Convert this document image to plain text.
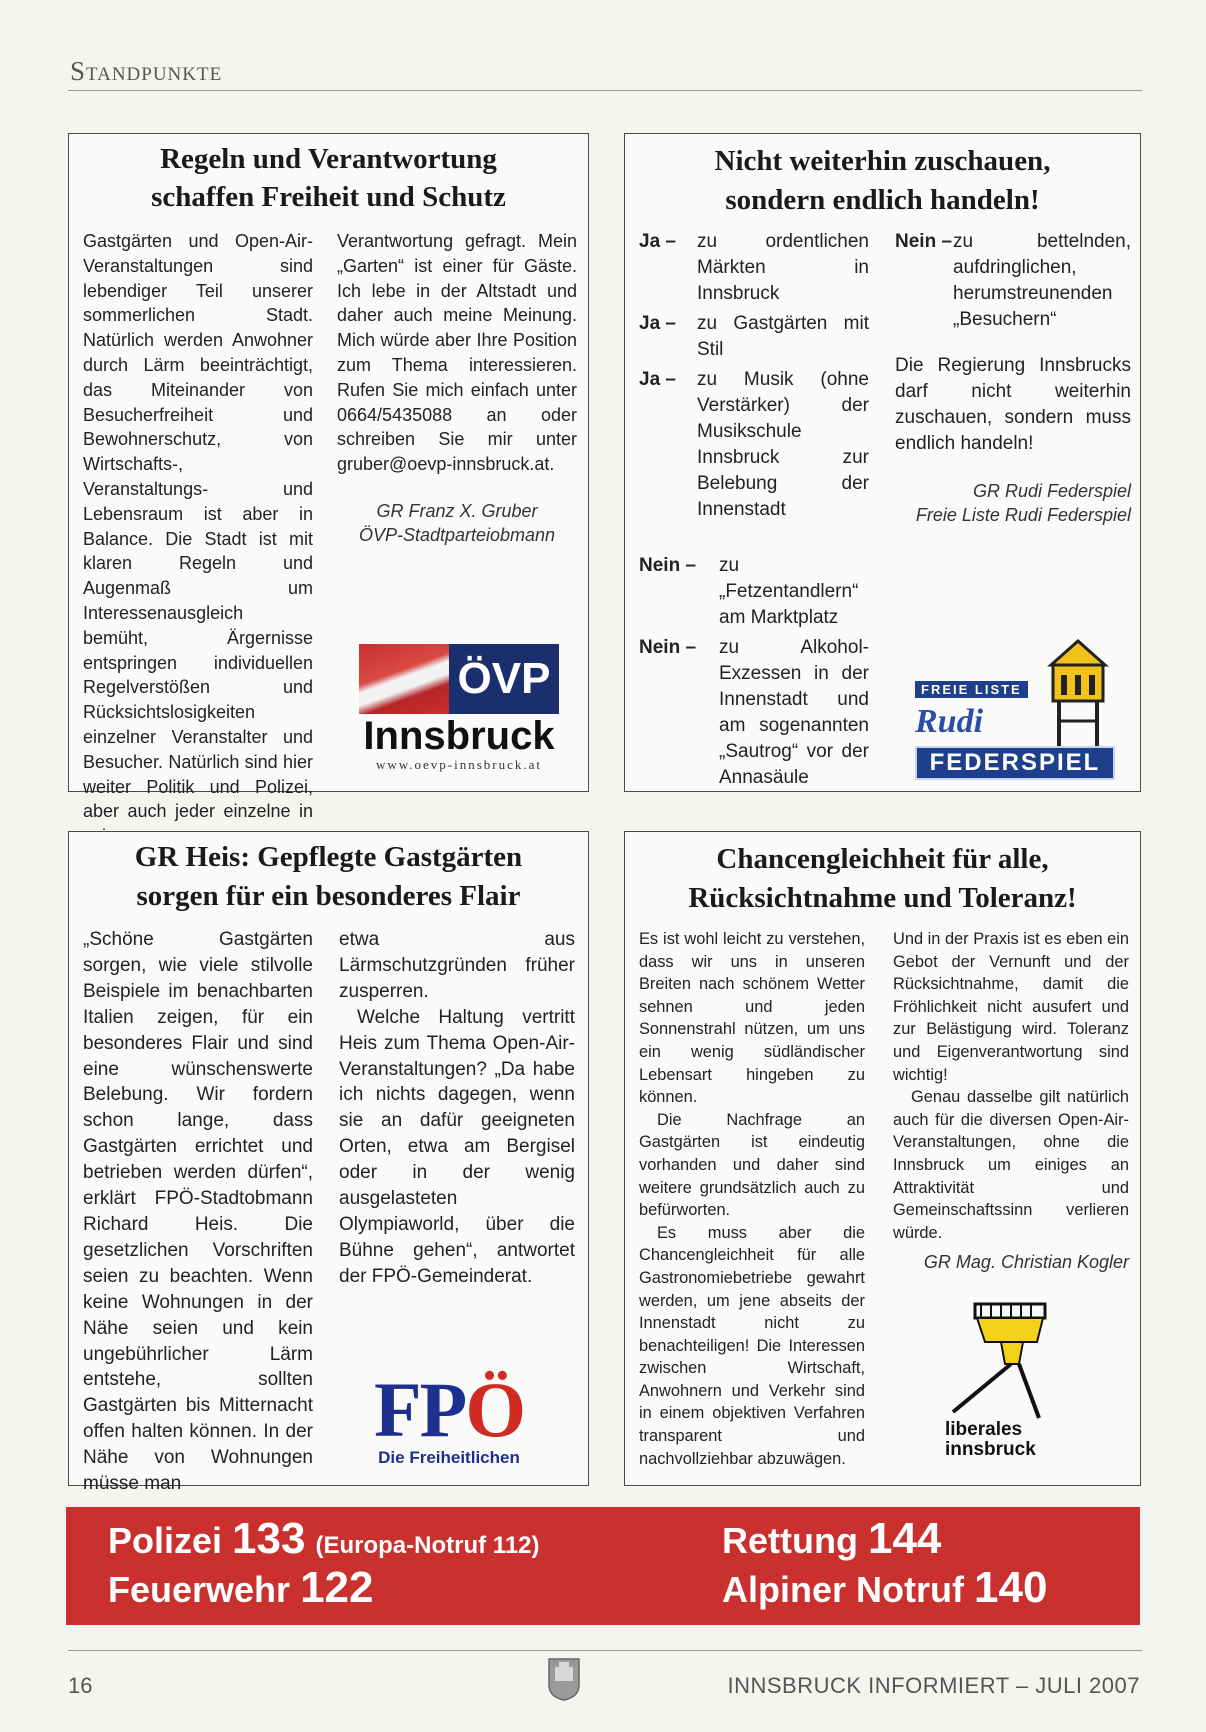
Standpunkte
Regeln und Verantwortung
schaffen Freiheit und Schutz

Gastgärten und Open-Air-Veranstaltungen sind lebendiger Teil unserer sommerlichen Stadt. Natürlich werden Anwohner durch Lärm beeinträchtigt, das Miteinander von Besucherfreiheit und Bewohnerschutz, von Wirtschafts-, Veranstaltungs- und Lebensraum ist aber in Balance. Die Stadt ist mit klaren Regeln und Augenmaß um Interessenausgleich bemüht, Ärgernisse entspringen individuellen Regelverstößen und Rücksichtslosigkeiten einzelner Veranstalter und Besucher. Natürlich sind hier weiter Politik und Polizei, aber auch jeder einzelne in

Verantwortung gefragt. Mein „Garten“ ist einer für Gäste. Ich lebe in der Altstadt und daher auch meine Meinung. Mich würde aber Ihre Position zum Thema interessieren. Rufen Sie mich einfach unter 0664/5435088 an oder schreiben Sie mir unter gruber@oevp-innsbruck.at.

GR Franz X. Gruber
ÖVP-Stadtparteiobmann
ÖVP
Innsbruck
www.oevp-innsbruck.at
Nicht weiterhin zuschauen,
sondern endlich handeln!
Ja –	zu ordentlichen Märkten in Innsbruck
Ja –	zu Gastgärten mit Stil
Ja –	zu Musik (ohne Verstärker) der Musikschule Innsbruck zur Belebung der Innenstadt
Nein –	zu „Fetzentandlern“ am Marktplatz
Nein –	zu Alkohol-Exzessen in der Innenstadt und am sogenannten „Sautrog“ vor der Annasäule
Nein – zu bettelnden, aufdringlichen, herumstreunenden „Besuchern“

Die Regierung Innsbrucks darf nicht weiterhin zuschauen, sondern muss endlich handeln!

GR Rudi Federspiel
Freie Liste Rudi Federspiel
FREIE LISTE
Rudi
FEDERSPIEL
GR Heis: Gepflegte Gastgärten
sorgen für ein besonderes Flair

„Schöne Gastgärten sorgen, wie viele stilvolle Beispiele im benachbarten Italien zeigen, für ein besonderes Flair und sind eine wünschenswerte Belebung. Wir fordern schon lange, dass Gastgärten errichtet und betrieben werden dürfen“, erklärt FPÖ-Stadtobmann Richard Heis. Die gesetzlichen Vorschriften seien zu beachten. Wenn keine Wohnungen in der Nähe seien und kein ungebührlicher Lärm entstehe, sollten Gastgärten bis Mitternacht offen halten können. In der Nähe von Wohnungen müsse man

etwa aus Lärmschutzgründen früher zusperren.

Welche Haltung vertritt Heis zum Thema Open-Air-Veranstaltungen? „Da habe ich nichts dagegen, wenn sie an dafür geeigneten Orten, etwa am Bergisel oder in der wenig ausgelasteten Olympiaworld, über die Bühne gehen“, antwortet der FPÖ-Gemeinderat.

FPÖ
Die Freiheitlichen
Chancengleichheit für alle,
Rücksichtnahme und Toleranz!

Es ist wohl leicht zu verstehen, dass wir uns in unseren Breiten nach schönem Wetter sehnen und jeden Sonnenstrahl nützen, um uns ein wenig südländischer Lebensart hingeben zu können.

Die Nachfrage an Gastgärten ist eindeutig vorhanden und daher sind weitere grundsätzlich auch zu befürworten.

Es muss aber die Chancengleichheit für alle Gastronomiebetriebe gewahrt werden, um jene abseits der Innenstadt nicht zu benachteiligen! Die Interessen zwischen Wirtschaft, Anwohnern und Verkehr sind in einem objektiven Verfahren transparent und nachvollziehbar abzuwägen.

Und in der Praxis ist es eben ein Gebot der Vernunft und der Rücksichtnahme, damit die Fröhlichkeit nicht ausufert und zur Belästigung wird. Toleranz und Eigenverantwortung sind wichtig!

Genau dasselbe gilt natürlich auch für die diversen Open-Air-Veranstaltungen, ohne die Innsbruck um einiges an Attraktivität und Gemeinschaftssinn verlieren würde.

GR Mag. Christian Kogler
liberales
innsbruck
Polizei 133 (Europa-Notruf 112)
Feuerwehr 122
Rettung 144
Alpiner Notruf 140
16	INNSBRUCK INFORMIERT – JULI 2007
